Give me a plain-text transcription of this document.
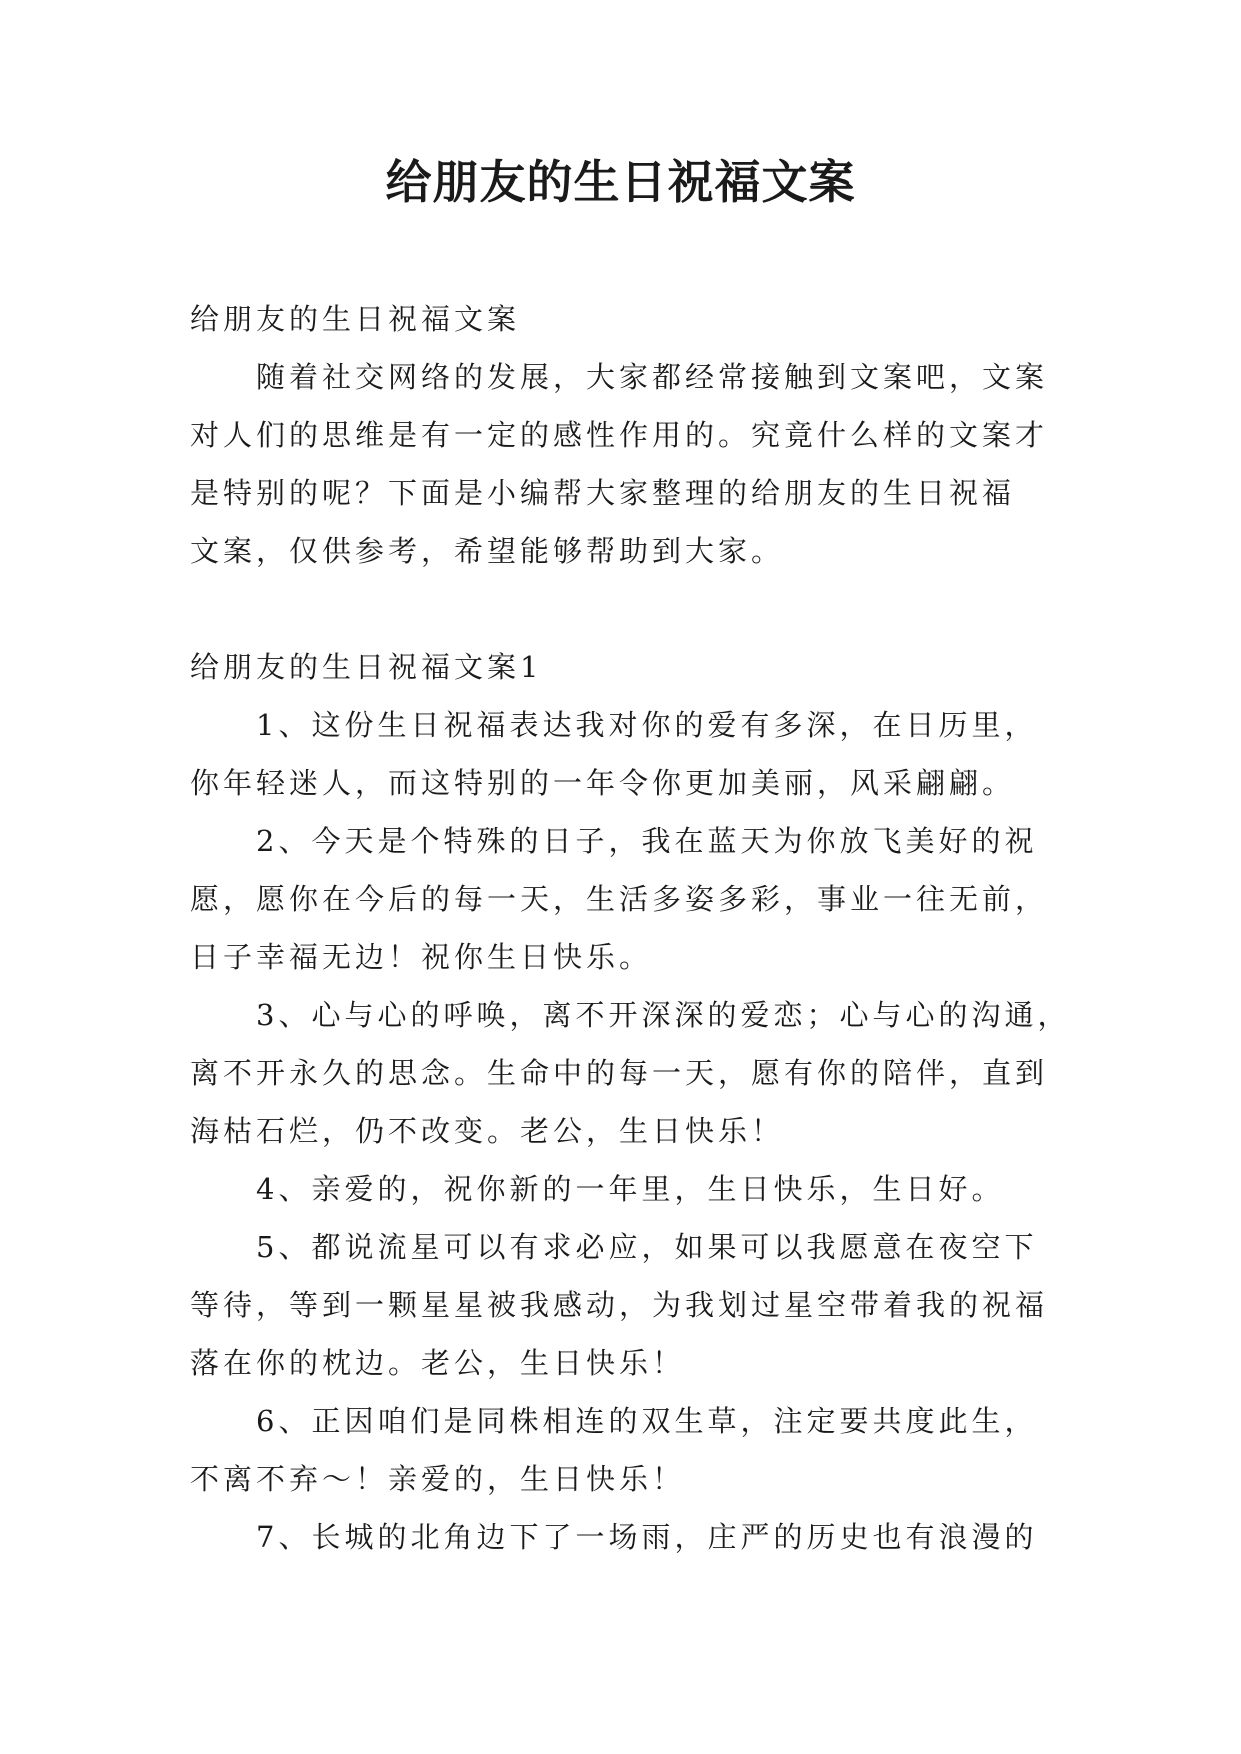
给朋友的生日祝福文案
给朋友的生日祝福文案
随着社交网络的发展，大家都经常接触到文案吧，文案
对人们的思维是有一定的感性作用的。究竟什么样的文案才
是特别的呢？下面是小编帮大家整理的给朋友的生日祝福
文案，仅供参考，希望能够帮助到大家。
给朋友的生日祝福文案1
1、这份生日祝福表达我对你的爱有多深，在日历里，
你年轻迷人，而这特别的一年令你更加美丽，风采翩翩。
2、今天是个特殊的日子，我在蓝天为你放飞美好的祝
愿，愿你在今后的每一天，生活多姿多彩，事业一往无前，
日子幸福无边！祝你生日快乐。
3、心与心的呼唤，离不开深深的爱恋；心与心的沟通，
离不开永久的思念。生命中的每一天，愿有你的陪伴，直到
海枯石烂，仍不改变。老公，生日快乐！
4、亲爱的，祝你新的一年里，生日快乐，生日好。
5、都说流星可以有求必应，如果可以我愿意在夜空下
等待，等到一颗星星被我感动，为我划过星空带着我的祝福
落在你的枕边。老公，生日快乐！
6、正因咱们是同株相连的双生草，注定要共度此生，
不离不弃～！亲爱的，生日快乐！
7、长城的北角边下了一场雨，庄严的历史也有浪漫的
